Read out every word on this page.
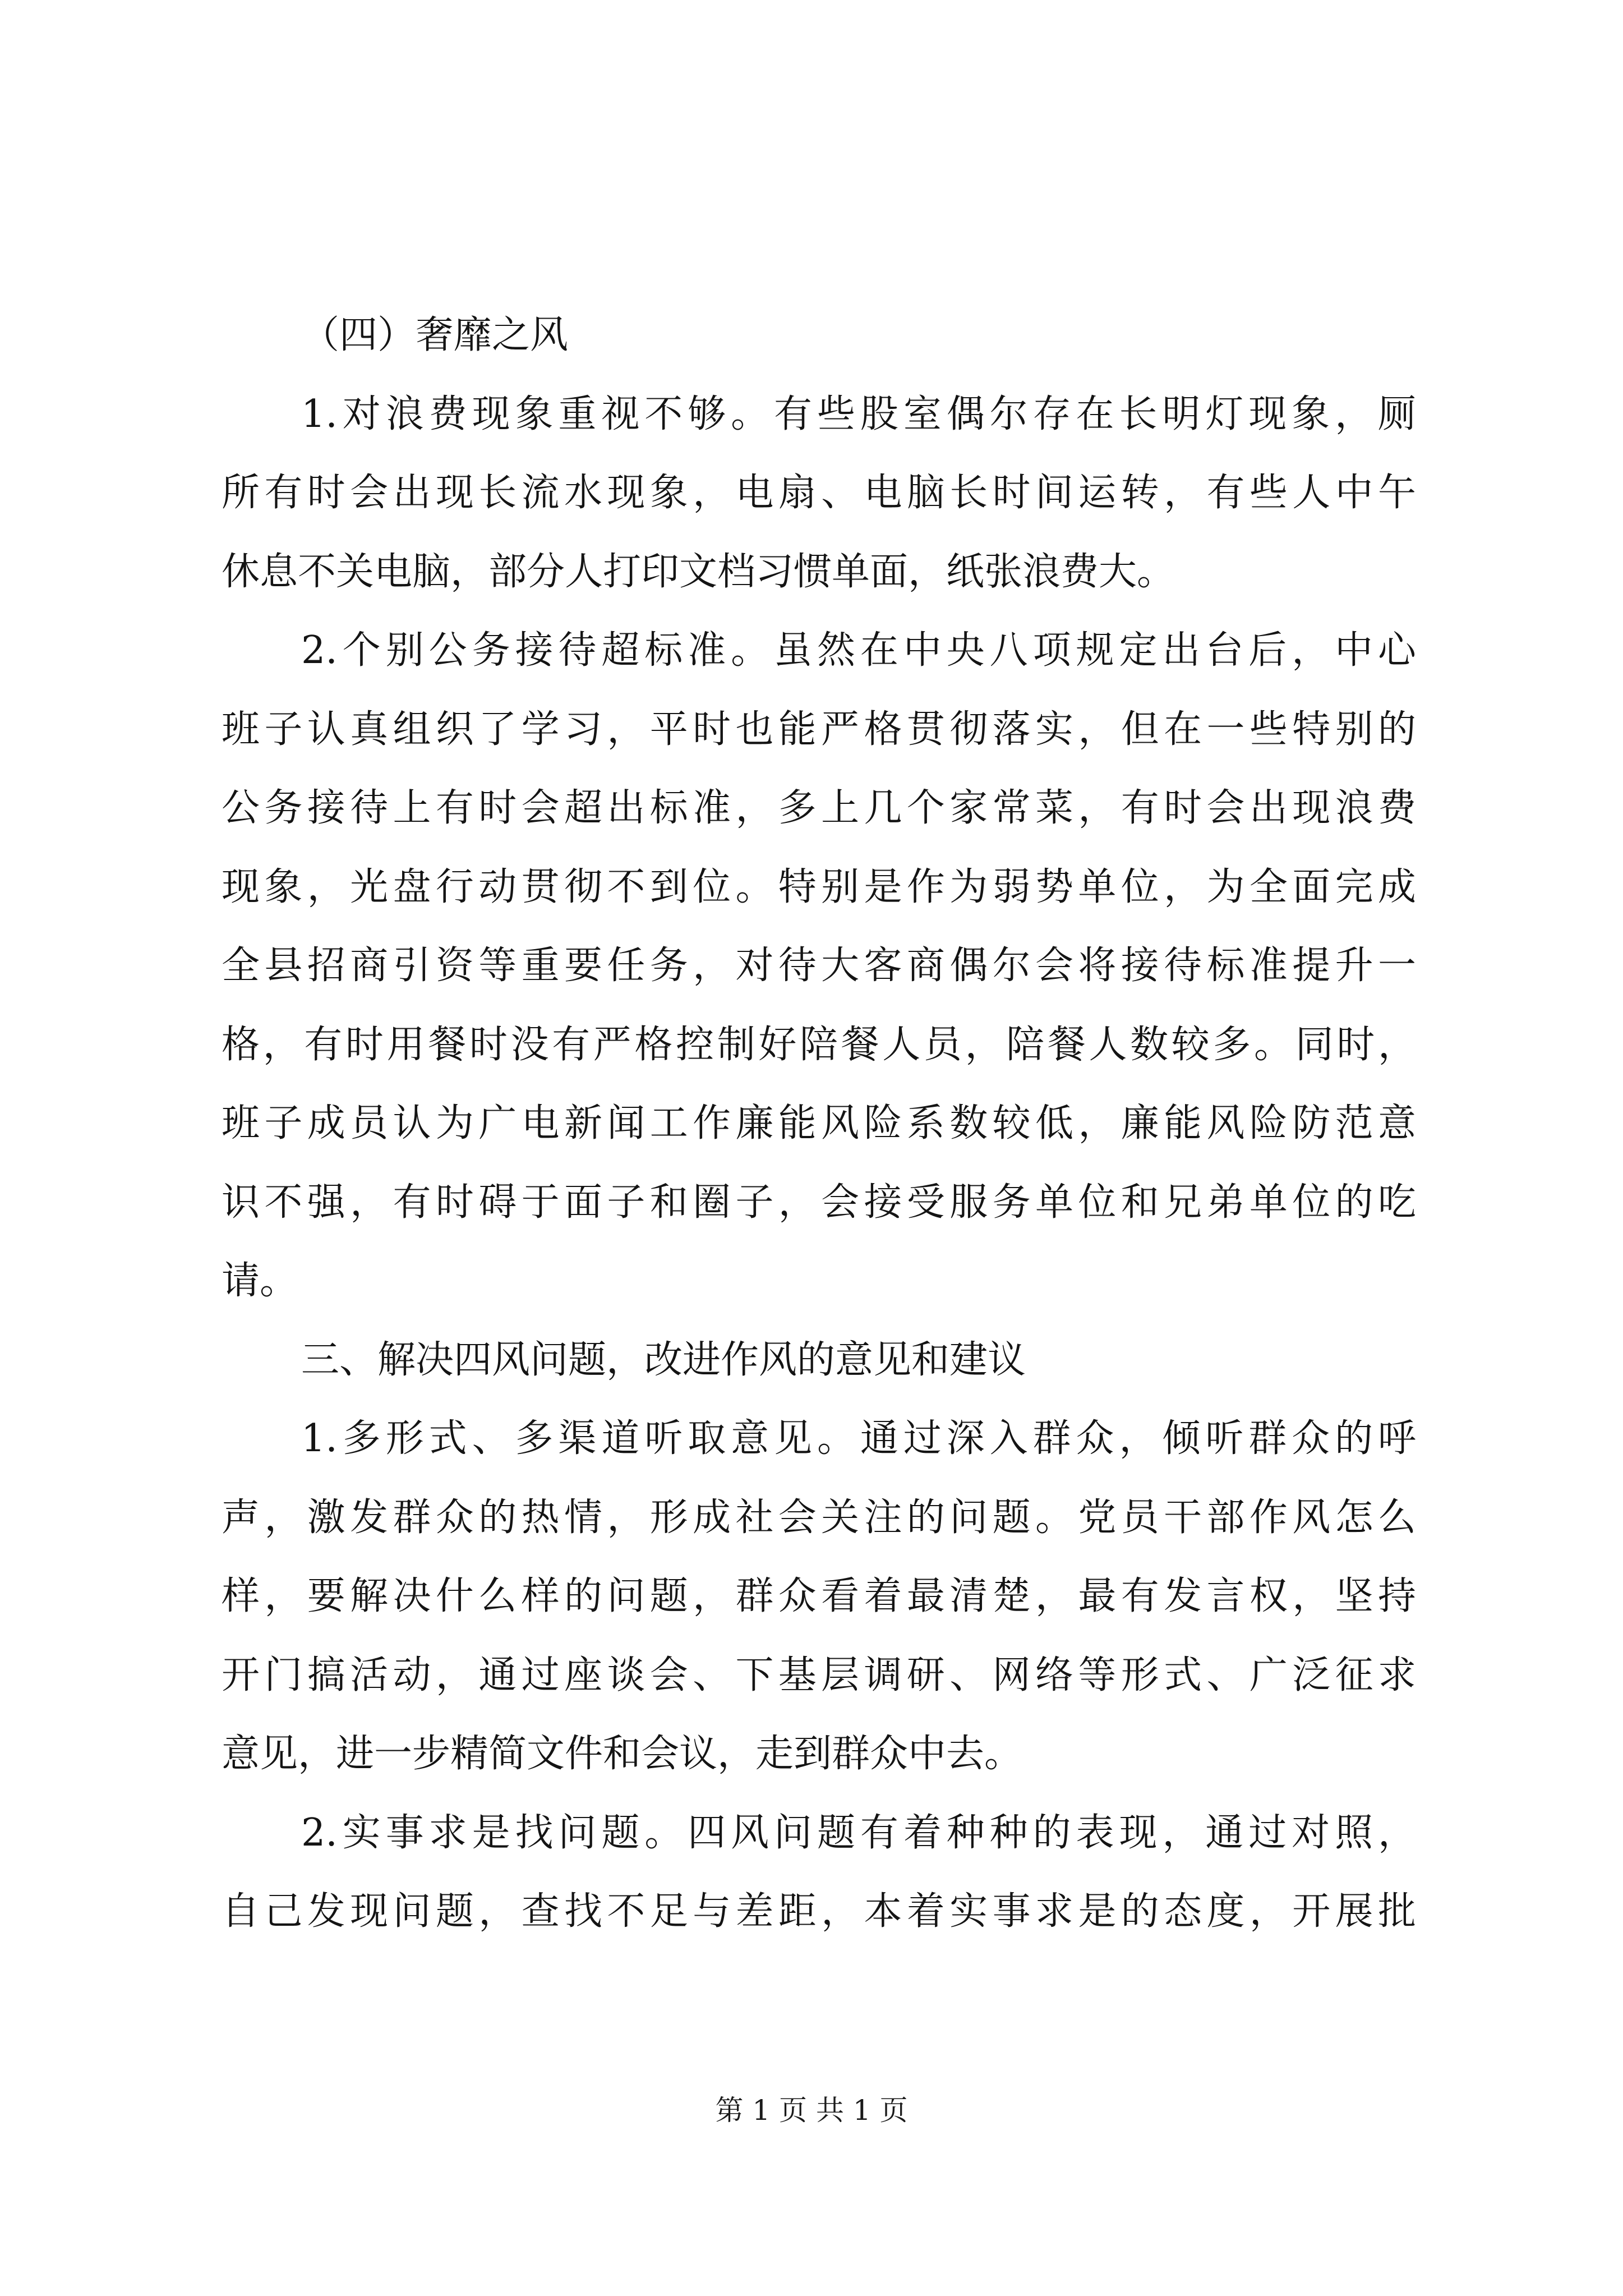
（四）奢靡之风
1.对浪费现象重视不够。有些股室偶尔存在长明灯现象，厕
所有时会出现长流水现象，电扇、电脑长时间运转，有些人中午
休息不关电脑，部分人打印文档习惯单面，纸张浪费大。
2.个别公务接待超标准。虽然在中央八项规定出台后，中心
班子认真组织了学习，平时也能严格贯彻落实，但在一些特别的
公务接待上有时会超出标准，多上几个家常菜，有时会出现浪费
现象，光盘行动贯彻不到位。特别是作为弱势单位，为全面完成
全县招商引资等重要任务，对待大客商偶尔会将接待标准提升一
格，有时用餐时没有严格控制好陪餐人员，陪餐人数较多。同时，
班子成员认为广电新闻工作廉能风险系数较低，廉能风险防范意
识不强，有时碍于面子和圈子，会接受服务单位和兄弟单位的吃
请。
三、解决四风问题，改进作风的意见和建议
1.多形式、多渠道听取意见。通过深入群众，倾听群众的呼
声，激发群众的热情，形成社会关注的问题。党员干部作风怎么
样，要解决什么样的问题，群众看着最清楚，最有发言权，坚持
开门搞活动，通过座谈会、下基层调研、网络等形式、广泛征求
意见，进一步精简文件和会议，走到群众中去。
2.实事求是找问题。四风问题有着种种的表现，通过对照，
自己发现问题，查找不足与差距，本着实事求是的态度，开展批
第 1 页 共 1 页
